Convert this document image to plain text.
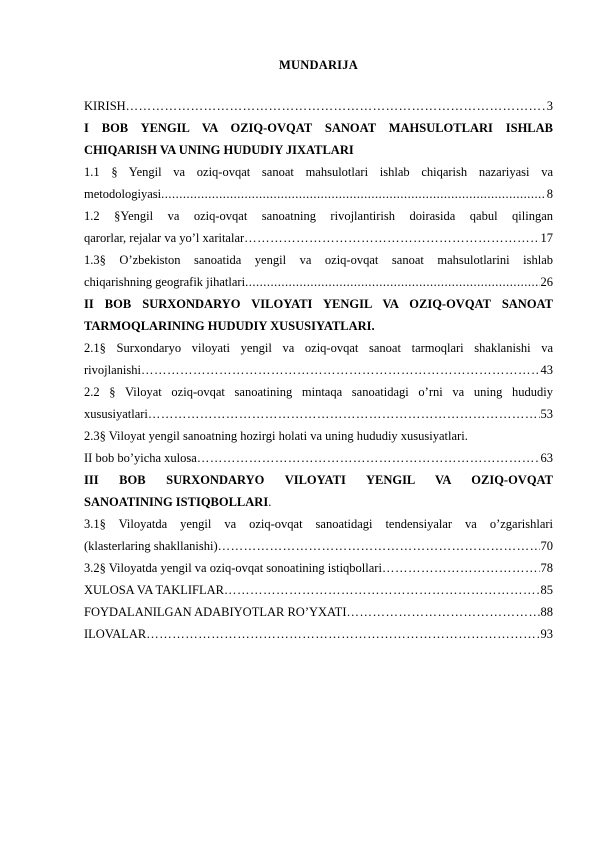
MUNDARIJA
KIRISH ……………………………………………………………………………………………………………………………………………………………………………………	3
I BOB YENGIL VA OZIQ-OVQAT SANOAT MAHSULOTLARI ISHLAB
CHIQARISH VA UNING HUDUDIY JIXATLARI
1.1 § Yengil va oziq-ovqat sanoat mahsulotlari ishlab chiqarish nazariyasi va
metodologiyasi .....	8
1.2 §Yengil va oziq-ovqat sanoatning rivojlantirish doirasida qabul qilingan
qarorlar, rejalar va yo’l xaritalar ……………………………………………………………………………………………………………………………………………………………………………………	17
1.3§ O’zbekiston sanoatida yengil va oziq-ovqat sanoat mahsulotlarini ishlab
chiqarishning geografik jihatlari .....	26
II BOB SURXONDARYO VILOYATI YENGIL VA OZIQ-OVQAT SANOAT
TARMOQLARINING HUDUDIY XUSUSIYATLARI.
2.1§ Surxondaryo viloyati yengil va oziq-ovqat sanoat tarmoqlari shaklanishi va
rivojlanishi ……………………………………………………………………………………………………………………………………………………………………………………	43
2.2 § Viloyat oziq-ovqat sanoatining mintaqa sanoatidagi o’rni va uning hududiy
xususiyatlari ……………………………………………………………………………………………………………………………………………………………………………………	53
2.3§ Viloyat yengil sanoatning hozirgi holati va uning hududiy xususiyatlari.
II bob bo’yicha xulosa ……………………………………………………………………………………………………………………………………………………………………………………	63
III BOB SURXONDARYO VILOYATI YENGIL VA OZIQ-OVQAT
SANOATINING ISTIQBOLLARI.
3.1§ Viloyatda yengil va oziq-ovqat sanoatidagi tendensiyalar va o’zgarishlari
(klasterlaring shakllanishi) ……………………………………………………………………………………………………………………………………………………………………………………	70
3.2§ Viloyatda yengil va oziq-ovqat sonoatining istiqbollari ……………………………………………………………………………………………………………………………………………………………………………………	78
XULOSA VA TAKLIFLAR ……………………………………………………………………………………………………………………………………………………………………………………	85
FOYDALANILGAN ADABIYOTLAR RO’YXATI ……………………………………………………………………………………………………………………………………………………………………………………	88
ILOVALAR ……………………………………………………………………………………………………………………………………………………………………………………	93
